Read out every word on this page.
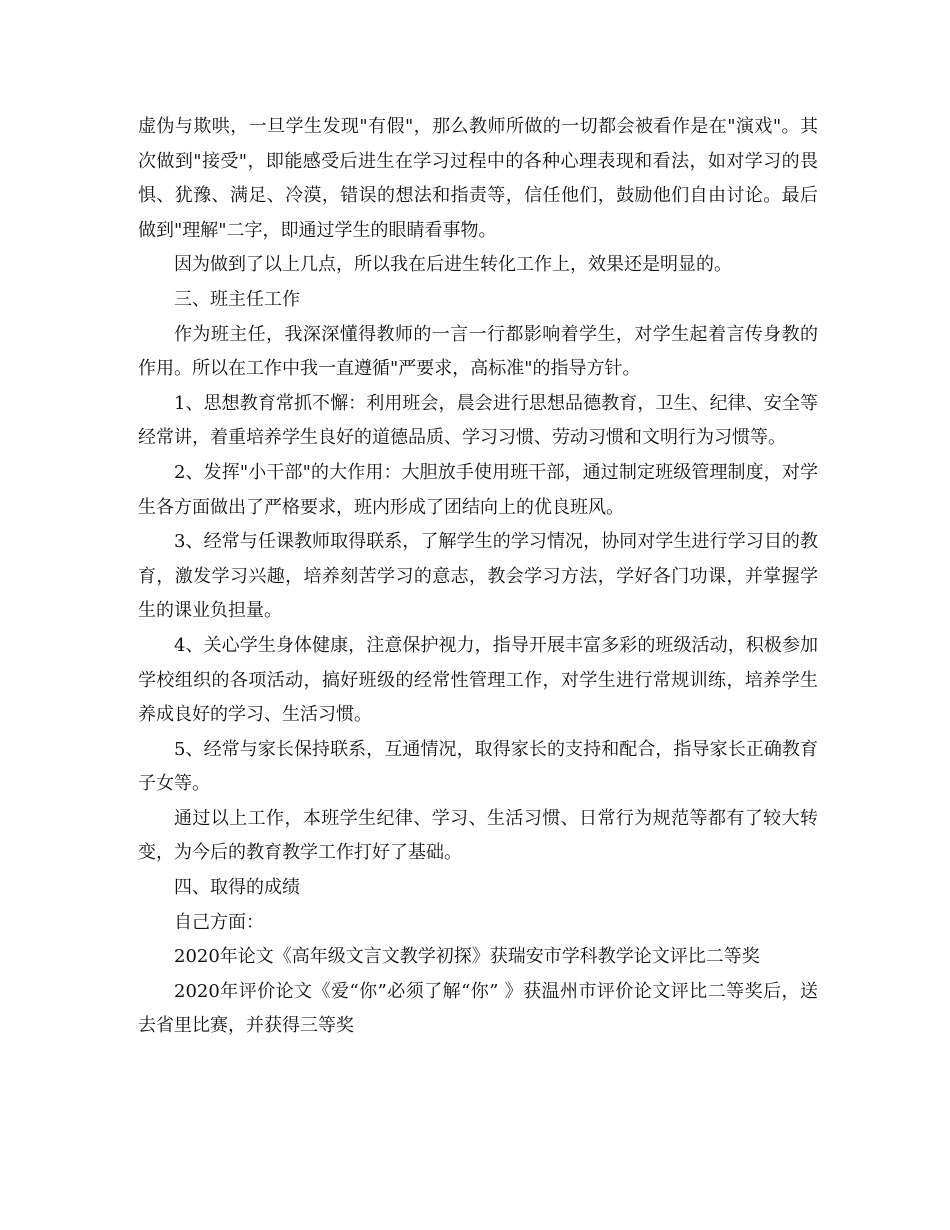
虚伪与欺哄，一旦学生发现"有假"，那么教师所做的一切都会被看作是在"演戏"。其次做到"接受"，即能感受后进生在学习过程中的各种心理表现和看法，如对学习的畏惧、犹豫、满足、冷漠，错误的想法和指责等，信任他们，鼓励他们自由讨论。最后做到"理解"二字，即通过学生的眼睛看事物。

因为做到了以上几点，所以我在后进生转化工作上，效果还是明显的。

三、班主任工作

作为班主任，我深深懂得教师的一言一行都影响着学生，对学生起着言传身教的作用。所以在工作中我一直遵循"严要求，高标准"的指导方针。

1、思想教育常抓不懈：利用班会，晨会进行思想品德教育，卫生、纪律、安全等经常讲，着重培养学生良好的道德品质、学习习惯、劳动习惯和文明行为习惯等。

2、发挥"小干部"的大作用：大胆放手使用班干部，通过制定班级管理制度，对学生各方面做出了严格要求，班内形成了团结向上的优良班风。

3、经常与任课教师取得联系，了解学生的学习情况，协同对学生进行学习目的教育，激发学习兴趣，培养刻苦学习的意志，教会学习方法，学好各门功课，并掌握学生的课业负担量。

4、关心学生身体健康，注意保护视力，指导开展丰富多彩的班级活动，积极参加学校组织的各项活动，搞好班级的经常性管理工作，对学生进行常规训练，培养学生养成良好的学习、生活习惯。

5、经常与家长保持联系，互通情况，取得家长的支持和配合，指导家长正确教育子女等。

通过以上工作，本班学生纪律、学习、生活习惯、日常行为规范等都有了较大转变，为今后的教育教学工作打好了基础。

四、取得的成绩

自己方面：

2020年论文《高年级文言文教学初探》获瑞安市学科教学论文评比二等奖

2020年评价论文《爱“你”必须了解“你” 》获温州市评价论文评比二等奖后，送去省里比赛，并获得三等奖
